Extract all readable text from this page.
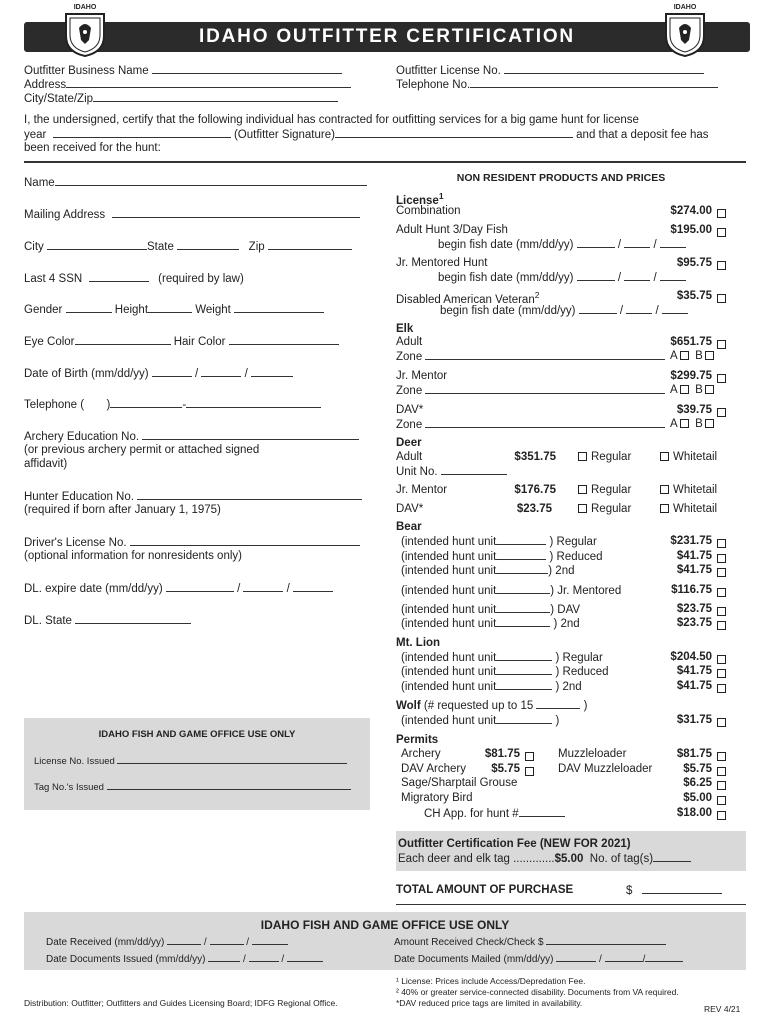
IDAHO OUTFITTER CERTIFICATION
IDAHO	IDAHO
Outfitter Business Name
Address
City/State/Zip
Outfitter License No.
Telephone No.
I, the undersigned, certify that the following individual has contracted for outfitting services for a big game hunt for license
year	(Outfitter Signature)	and that a deposit fee has
been received for the hunt:
Name
Mailing Address
City	State	Zip
Last 4 SSN	(required by law)
Gender	Height	Weight
Eye Color	Hair Color
Date of Birth (mm/dd/yy)	/	/
Telephone ( )	-
Archery Education No.
(or previous archery permit or attached signed
affidavit)
Hunter Education No.
(required if born after January 1, 1975)
Driver's License No.
(optional information for nonresidents only)
DL. expire date (mm/dd/yy)	/	/
DL. State
IDAHO FISH AND GAME OFFICE USE ONLY
License No. Issued
Tag No.'s Issued
NON RESIDENT PRODUCTS AND PRICES
License$^1$
Combination	$274.00
Adult Hunt 3/Day Fish	$195.00
begin fish date (mm/dd/yy)	/  /
Jr. Mentored Hunt	$95.75
begin fish date (mm/dd/yy)	/  /
Disabled American Veteran$^2$	$35.75
begin fish date (mm/dd/yy)	/  /
Elk
Adult	$651.75
Zone	A B
Jr. Mentor	$299.75
Zone	A B
DAV*	$39.75
Zone	A B
Deer
Adult	$351.75	Regular	Whitetail
Unit No.
Jr. Mentor	$176.75	Regular	Whitetail
DAV*	$23.75	Regular	Whitetail
Bear
(intended hunt unit	) Regular	$231.75
(intended hunt unit	) Reduced	$41.75
(intended hunt unit	) 2nd	$41.75
(intended hunt unit	) Jr. Mentored	$116.75
(intended hunt unit	) DAV	$23.75
(intended hunt unit	) 2nd	$23.75
Mt. Lion
(intended hunt unit	) Regular	$204.50
(intended hunt unit	) Reduced	$41.75
(intended hunt unit	) 2nd	$41.75
Wolf (# requested up to 15	)
(intended hunt unit	)	$31.75
Permits
Archery	$81.75	Muzzleloader	$81.75
DAV Archery	$5.75	DAV Muzzleloader	$5.75
Sage/Sharptail Grouse	$6.25
Migratory Bird	$5.00
CH App. for hunt #	$18.00
Outfitter Certification Fee (NEW FOR 2021)
Each deer and elk tag .............$5.00 No. of tag(s)
TOTAL AMOUNT OF PURCHASE	$
IDAHO FISH AND GAME OFFICE USE ONLY
Date Received (mm/dd/yy)	/	/
Date Documents Issued (mm/dd/yy)	/	/
Amount Received Check/Check $
Date Documents Mailed (mm/dd/yy)	/	/
Distribution: Outfitter; Outfitters and Guides Licensing Board; IDFG Regional Office.
¹ License: Prices include Access/Depredation Fee.
² 40% or greater service-connected disability. Documents from VA required.
*DAV reduced price tags are limited in availability.
REV 4/21
